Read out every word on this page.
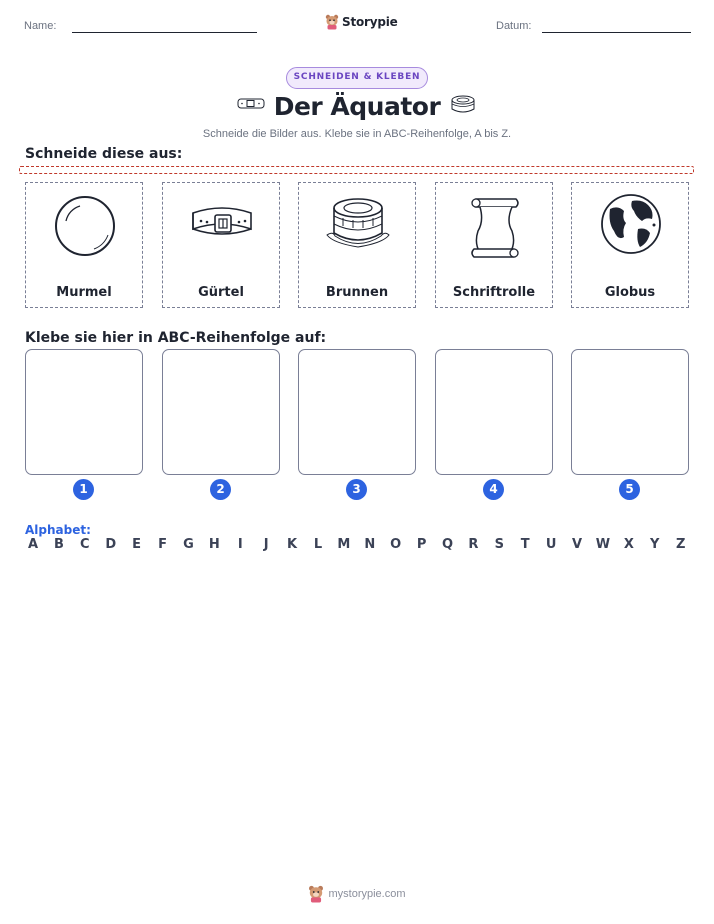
Name:	Storypie	Datum:
SCHNEIDEN & KLEBEN
Der Äquator
Schneide die Bilder aus. Klebe sie in ABC-Reihenfolge, A bis Z.
Schneide diese aus:
Murmel	Gürtel	Brunnen	Schriftrolle	Globus
Klebe sie hier in ABC-Reihenfolge auf:
1	2	3	4	5
Alphabet:
A B C D E F G H	I	J	K L M N O P Q R S T U V W X Y Z
mystorypie.com
